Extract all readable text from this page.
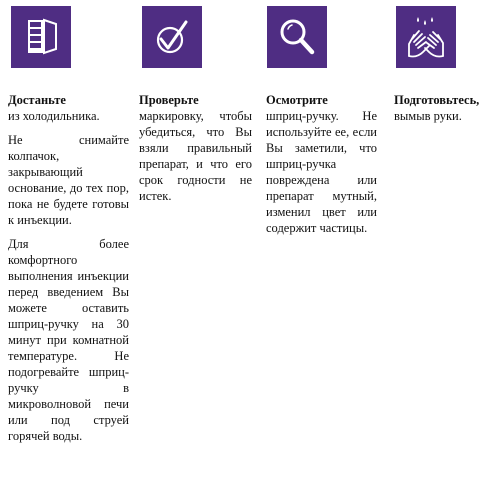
Достаньте

из холодильника.

Не снимайте колпачок, закрывающий основание, до тех пор, пока не будете готовы к инъекции.

Для более комфортного выполнения инъекции перед введением Вы можете оставить шприц-ручку на 30 минут при комнатной температуре. Не подогревайте шприц-ручку в микроволновой печи или под струей горячей воды.

Проверьте

маркировку, чтобы убедиться, что Вы взяли правильный препарат, и что его срок годности не истек.

Осмотрите

шприц-ручку. Не используйте ее, если Вы заметили, что шприц-ручка повреждена или препарат мутный, изменил цвет или содержит частицы.

Подготовьтесь,

вымыв руки.
